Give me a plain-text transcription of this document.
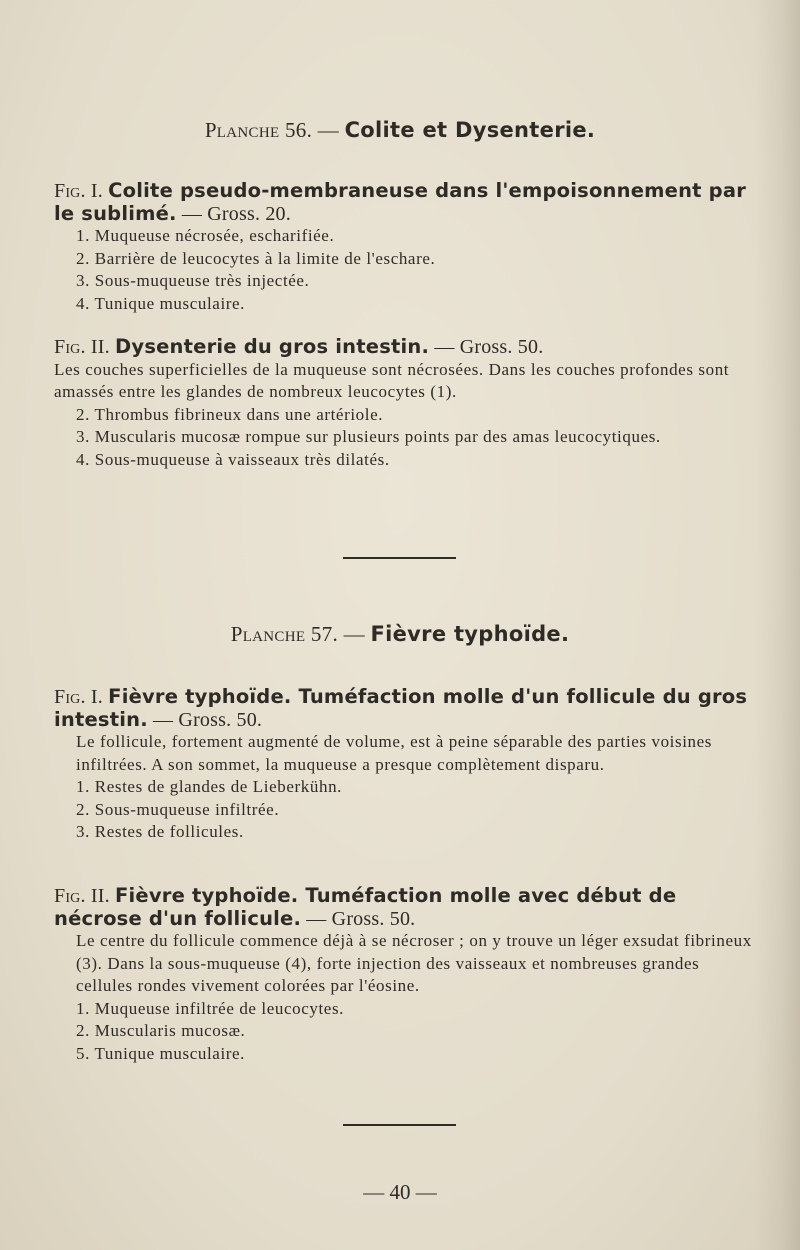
Planche 56. — Colite et Dysenterie.

Fig. I. Colite pseudo-membraneuse dans l'empoisonnement par le sublimé. — Gross. 20.

1. Muqueuse nécrosée, escharifiée.

2. Barrière de leucocytes à la limite de l'eschare.

3. Sous-muqueuse très injectée.

4. Tunique musculaire.

Fig. II. Dysenterie du gros intestin. — Gross. 50.

Les couches superficielles de la muqueuse sont nécrosées. Dans les couches profondes sont amassés entre les glandes de nombreux leucocytes (1).

2. Thrombus fibrineux dans une artériole.

3. Muscularis mucosæ rompue sur plusieurs points par des amas leucocytiques.

4. Sous-muqueuse à vaisseaux très dilatés.

Planche 57. — Fièvre typhoïde.

Fig. I. Fièvre typhoïde. Tuméfaction molle d'un follicule du gros intestin. — Gross. 50.

Le follicule, fortement augmenté de volume, est à peine séparable des parties voisines infiltrées. A son sommet, la muqueuse a presque complètement disparu.

1. Restes de glandes de Lieberkühn.

2. Sous-muqueuse infiltrée.

3. Restes de follicules.

Fig. II. Fièvre typhoïde. Tuméfaction molle avec début de nécrose d'un follicule. — Gross. 50.

Le centre du follicule commence déjà à se nécroser ; on y trouve un léger exsudat fibrineux (3). Dans la sous-muqueuse (4), forte injection des vaisseaux et nombreuses grandes cellules rondes vivement colorées par l'éosine.

1. Muqueuse infiltrée de leucocytes.

2. Muscularis mucosæ.

5. Tunique musculaire.

— 40 —
